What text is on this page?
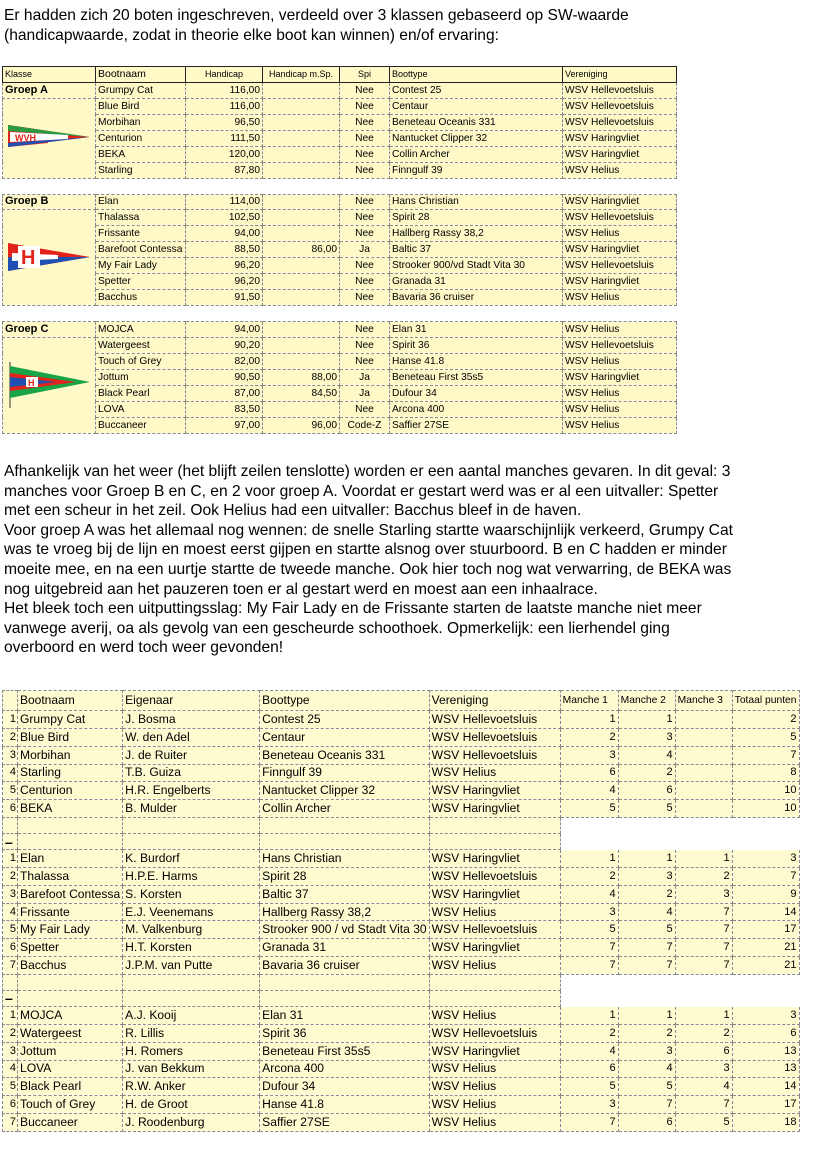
Er hadden zich 20 boten ingeschreven, verdeeld over 3 klassen gebaseerd op SW-waarde

(handicapwaarde, zodat in theorie elke boot kan winnen) en/of ervaring:

Klasse	Bootnaam	Handicap	Handicap m.Sp.	Spi	Boottype	Vereniging
Groep A	Grumpy Cat	116,00		Nee	Contest 25	WSV Hellevoetsluis

WVH	Blue Bird	116,00		Nee	Centaur	WSV Hellevoetsluis
	Morbihan	96,50		Nee	Beneteau Oceanis 331	WSV Hellevoetsluis
	Centurion	111,50		Nee	Nantucket Clipper 32	WSV Haringvliet
	BEKA	120,00		Nee	Collin Archer	WSV Haringvliet
	Starling	87,80		Nee	Finngulf 39	WSV Helius

Groep B	Elan	114,00		Nee	Hans Christian	WSV Haringvliet

H	Thalassa	102,50		Nee	Spirit 28	WSV Hellevoetsluis
	Frissante	94,00		Nee	Hallberg Rassy 38,2	WSV Helius
	Barefoot Contessa	88,50	86,00	Ja	Baltic 37	WSV Haringvliet
	My Fair Lady	96,20		Nee	Strooker 900/vd Stadt Vita 30	WSV Hellevoetsluis
	Spetter	96,20		Nee	Granada 31	WSV Haringvliet
	Bacchus	91,50		Nee	Bavaria 36 cruiser	WSV Helius

Groep C	MOJCA	94,00		Nee	Elan 31	WSV Helius

H	Watergeest	90,20		Nee	Spirit 36	WSV Hellevoetsluis
	Touch of Grey	82,00		Nee	Hanse 41.8	WSV Helius
	Jottum	90,50	88,00	Ja	Beneteau First 35s5	WSV Haringvliet
	Black Pearl	87,00	84,50	Ja	Dufour 34	WSV Helius
	LOVA	83,50		Nee	Arcona 400	WSV Helius
	Buccaneer	97,00	96,00	Code-Z	Saffier 27SE	WSV Helius

Afhankelijk van het weer (het blijft zeilen tenslotte) worden er een aantal manches gevaren. In dit geval: 3

manches voor Groep B en C, en 2 voor groep A. Voordat er gestart werd was er al een uitvaller: Spetter

met een scheur in het zeil. Ook Helius had een uitvaller: Bacchus bleef in de haven.

Voor groep A was het allemaal nog wennen: de snelle Starling startte waarschijnlijk verkeerd, Grumpy Cat

was te vroeg bij de lijn en moest eerst gijpen en startte alsnog over stuurboord. B en C hadden er minder

moeite mee, en na een uurtje startte de tweede manche. Ook hier toch nog wat verwarring, de BEKA was

nog uitgebreid aan het pauzeren toen er al gestart werd en moest aan een inhaalrace.

Het bleek toch een uitputtingsslag: My Fair Lady en de Frissante starten de laatste manche niet meer

vanwege averij, oa als gevolg van een gescheurde schoothoek. Opmerkelijk: een lierhendel ging

overboord en werd toch weer gevonden!

	Bootnaam	Eigenaar	Boottype	Vereniging	Manche 1	Manche 2	Manche 3	Totaal punten
1	Grumpy Cat	J. Bosma	Contest 25	WSV Hellevoetsluis	1	1		2
2	Blue Bird	W. den Adel	Centaur	WSV Hellevoetsluis	2	3		5
3	Morbihan	J. de Ruiter	Beneteau Oceanis 331	WSV Hellevoetsluis	3	4		7
4	Starling	T.B. Guiza	Finngulf 39	WSV Helius	6	2		8
5	Centurion	H.R. Engelberts	Nantucket Clipper 32	WSV Haringvliet	4	6		10
6	BEKA	B. Mulder	Collin Archer	WSV Haringvliet	5	5		10

–								
1	Elan	K. Burdorf	Hans Christian	WSV Haringvliet	1	1	1	3
2	Thalassa	H.P.E. Harms	Spirit 28	WSV Hellevoetsluis	2	3	2	7
3	Barefoot Contessa	S. Korsten	Baltic 37	WSV Haringvliet	4	2	3	9
4	Frissante	E.J. Veenemans	Hallberg Rassy 38,2	WSV Helius	3	4	7	14
5	My Fair Lady	M. Valkenburg	Strooker 900 / vd Stadt Vita 30	WSV Hellevoetsluis	5	5	7	17
6	Spetter	H.T. Korsten	Granada 31	WSV Haringvliet	7	7	7	21
7	Bacchus	J.P.M. van Putte	Bavaria 36 cruiser	WSV Helius	7	7	7	21

–								
1	MOJCA	A.J. Kooij	Elan 31	WSV Helius	1	1	1	3
2	Watergeest	R. Lillis	Spirit 36	WSV Hellevoetsluis	2	2	2	6
3	Jottum	H. Romers	Beneteau First 35s5	WSV Haringvliet	4	3	6	13
4	LOVA	J. van Bekkum	Arcona 400	WSV Helius	6	4	3	13
5	Black Pearl	R.W. Anker	Dufour 34	WSV Helius	5	5	4	14
6	Touch of Grey	H. de Groot	Hanse 41.8	WSV Helius	3	7	7	17
7	Buccaneer	J. Roodenburg	Saffier 27SE	WSV Helius	7	6	5	18
